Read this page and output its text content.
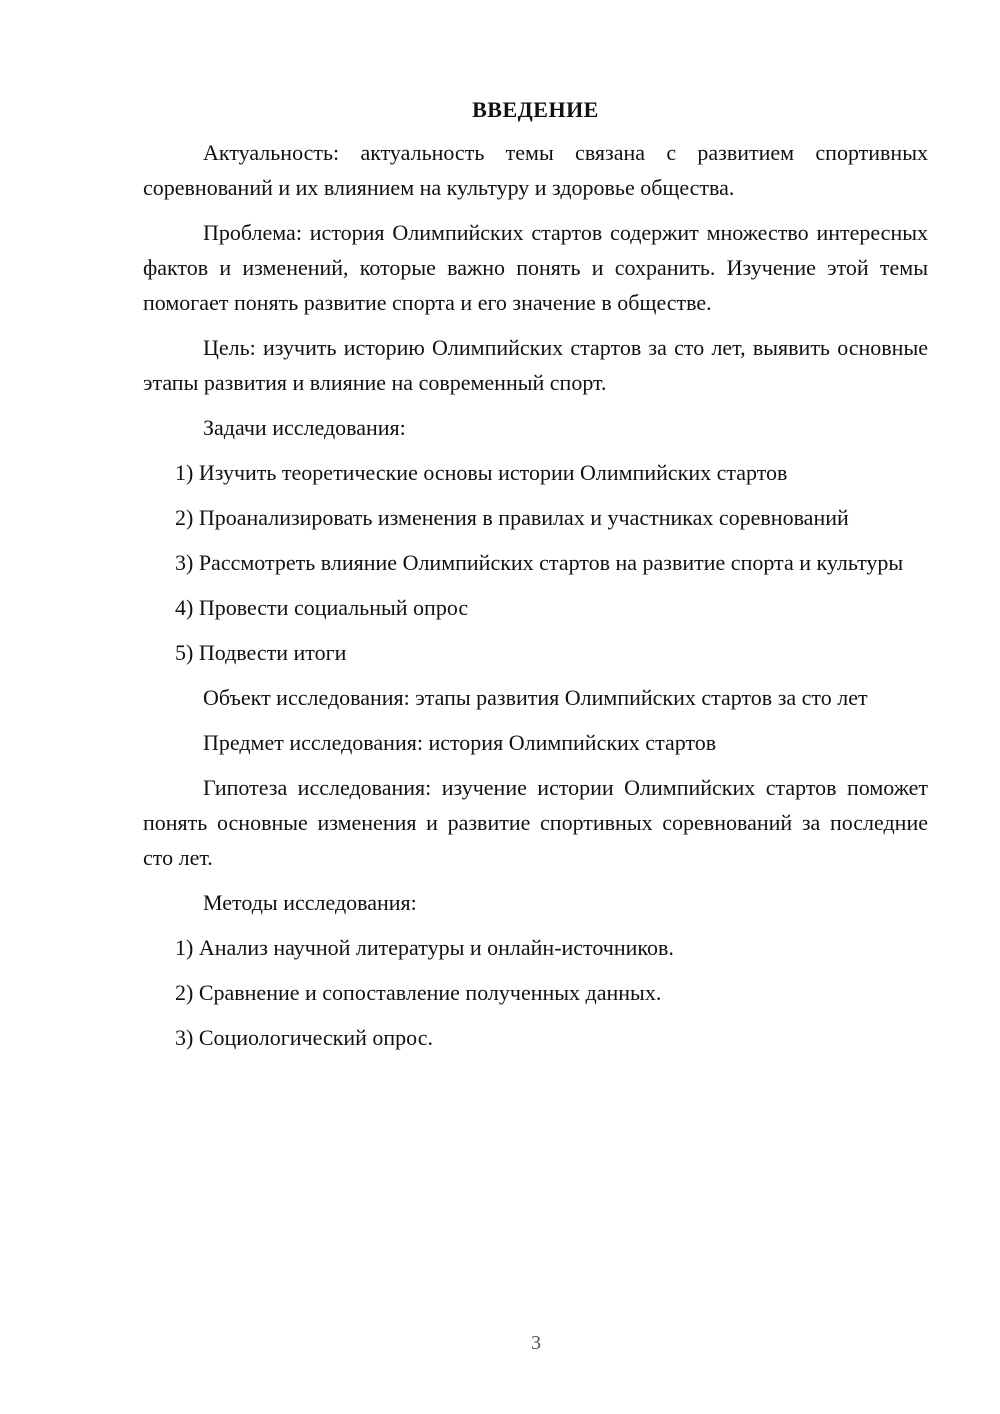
ВВЕДЕНИЕ

Актуальность: актуальность темы связана с развитием спортивных соревнований и их влиянием на культуру и здоровье общества.

Проблема: история Олимпийских стартов содержит множество интересных фактов и изменений, которые важно понять и сохранить. Изучение этой темы помогает понять развитие спорта и его значение в обществе.

Цель: изучить историю Олимпийских стартов за сто лет, выявить основные этапы развития и влияние на современный спорт.

Задачи исследования:

1) Изучить теоретические основы истории Олимпийских стартов

2) Проанализировать изменения в правилах и участниках соревнований

3) Рассмотреть влияние Олимпийских стартов на развитие спорта и культуры

4) Провести социальный опрос

5) Подвести итоги

Объект исследования: этапы развития Олимпийских стартов за сто лет

Предмет исследования: история Олимпийских стартов

Гипотеза исследования: изучение истории Олимпийских стартов поможет понять основные изменения и развитие спортивных соревнований за последние сто лет.

Методы исследования:

1) Анализ научной литературы и онлайн-источников.

2) Сравнение и сопоставление полученных данных.

3) Социологический опрос.

3
